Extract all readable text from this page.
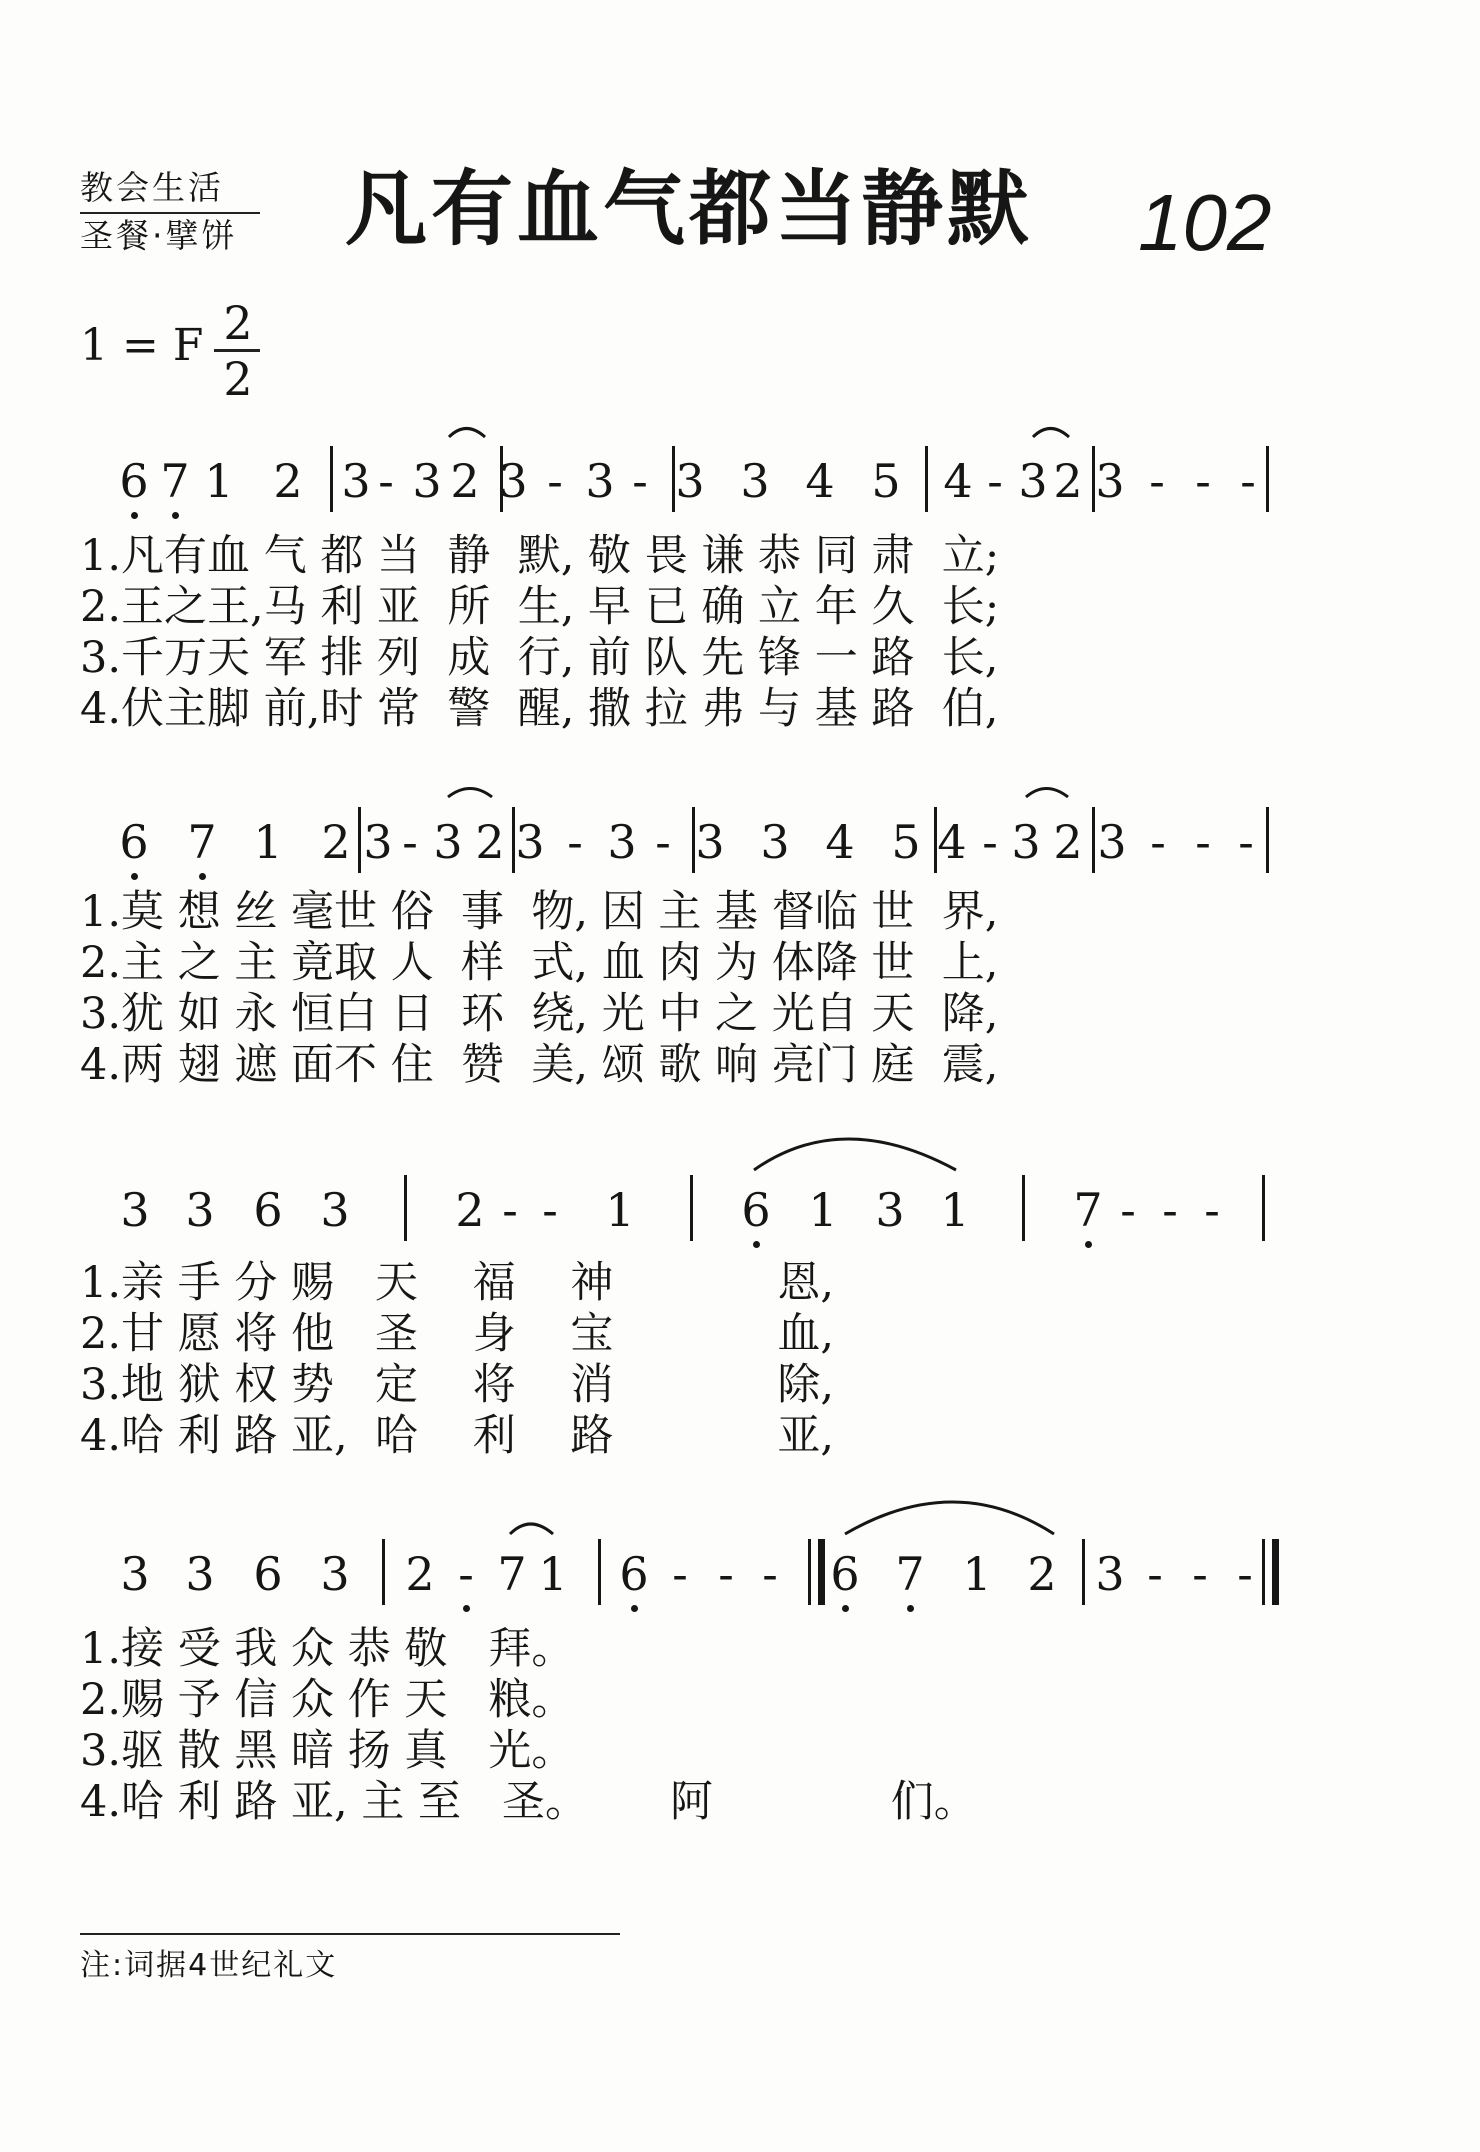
教会生活
圣餐·擘饼 凡有血气都当静默 102
1 = F 2
2
6 7 1 2 3 - 3 2 3 - 3 - 3 3 4 5 4 - 3 2 3 - - -
1.凡有血 气 都 当  静  默, 敬 畏 谦 恭 同 肃  立;
2.王之王,马 利 亚  所  生, 早 已 确 立 年 久  长;
3.千万天 军 排 列  成  行, 前 队 先 锋 一 路  长,
4.伏主脚 前,时 常  警  醒, 撒 拉 弗 与 基 路  伯,
6 7 1 2 3 - 3 2 3 - 3 - 3 3 4 5 4 - 3 2 3 - - -
1.莫 想 丝 毫世 俗  事  物, 因 主 基 督临 世  界,
2.主 之 主 竟取 人  样  式, 血 肉 为 体降 世  上,
3.犹 如 永 恒白 日  环  绕, 光 中 之 光自 天  降,
4.两 翅 遮 面不 住  赞  美, 颂 歌 响 亮门 庭  震,
3 3 6 3 2 - - 1 6 1 3 1 7 - - -
1.亲 手 分 赐   天    福    神            恩,
2.甘 愿 将 他   圣    身    宝            血,
3.地 狱 权 势   定    将    消            除,
4.哈 利 路 亚,  哈    利    路            亚,
3 3 6 3 2 - 7 1 6 - - - 6 7 1 2 3 - - -
1.接 受 我 众 恭 敬   拜。
2.赐 予 信 众 作 天   粮。
3.驱 散 黑 暗 扬 真   光。
4.哈 利 路 亚, 主 至   圣。      阿             们。
注:词据4世纪礼文
